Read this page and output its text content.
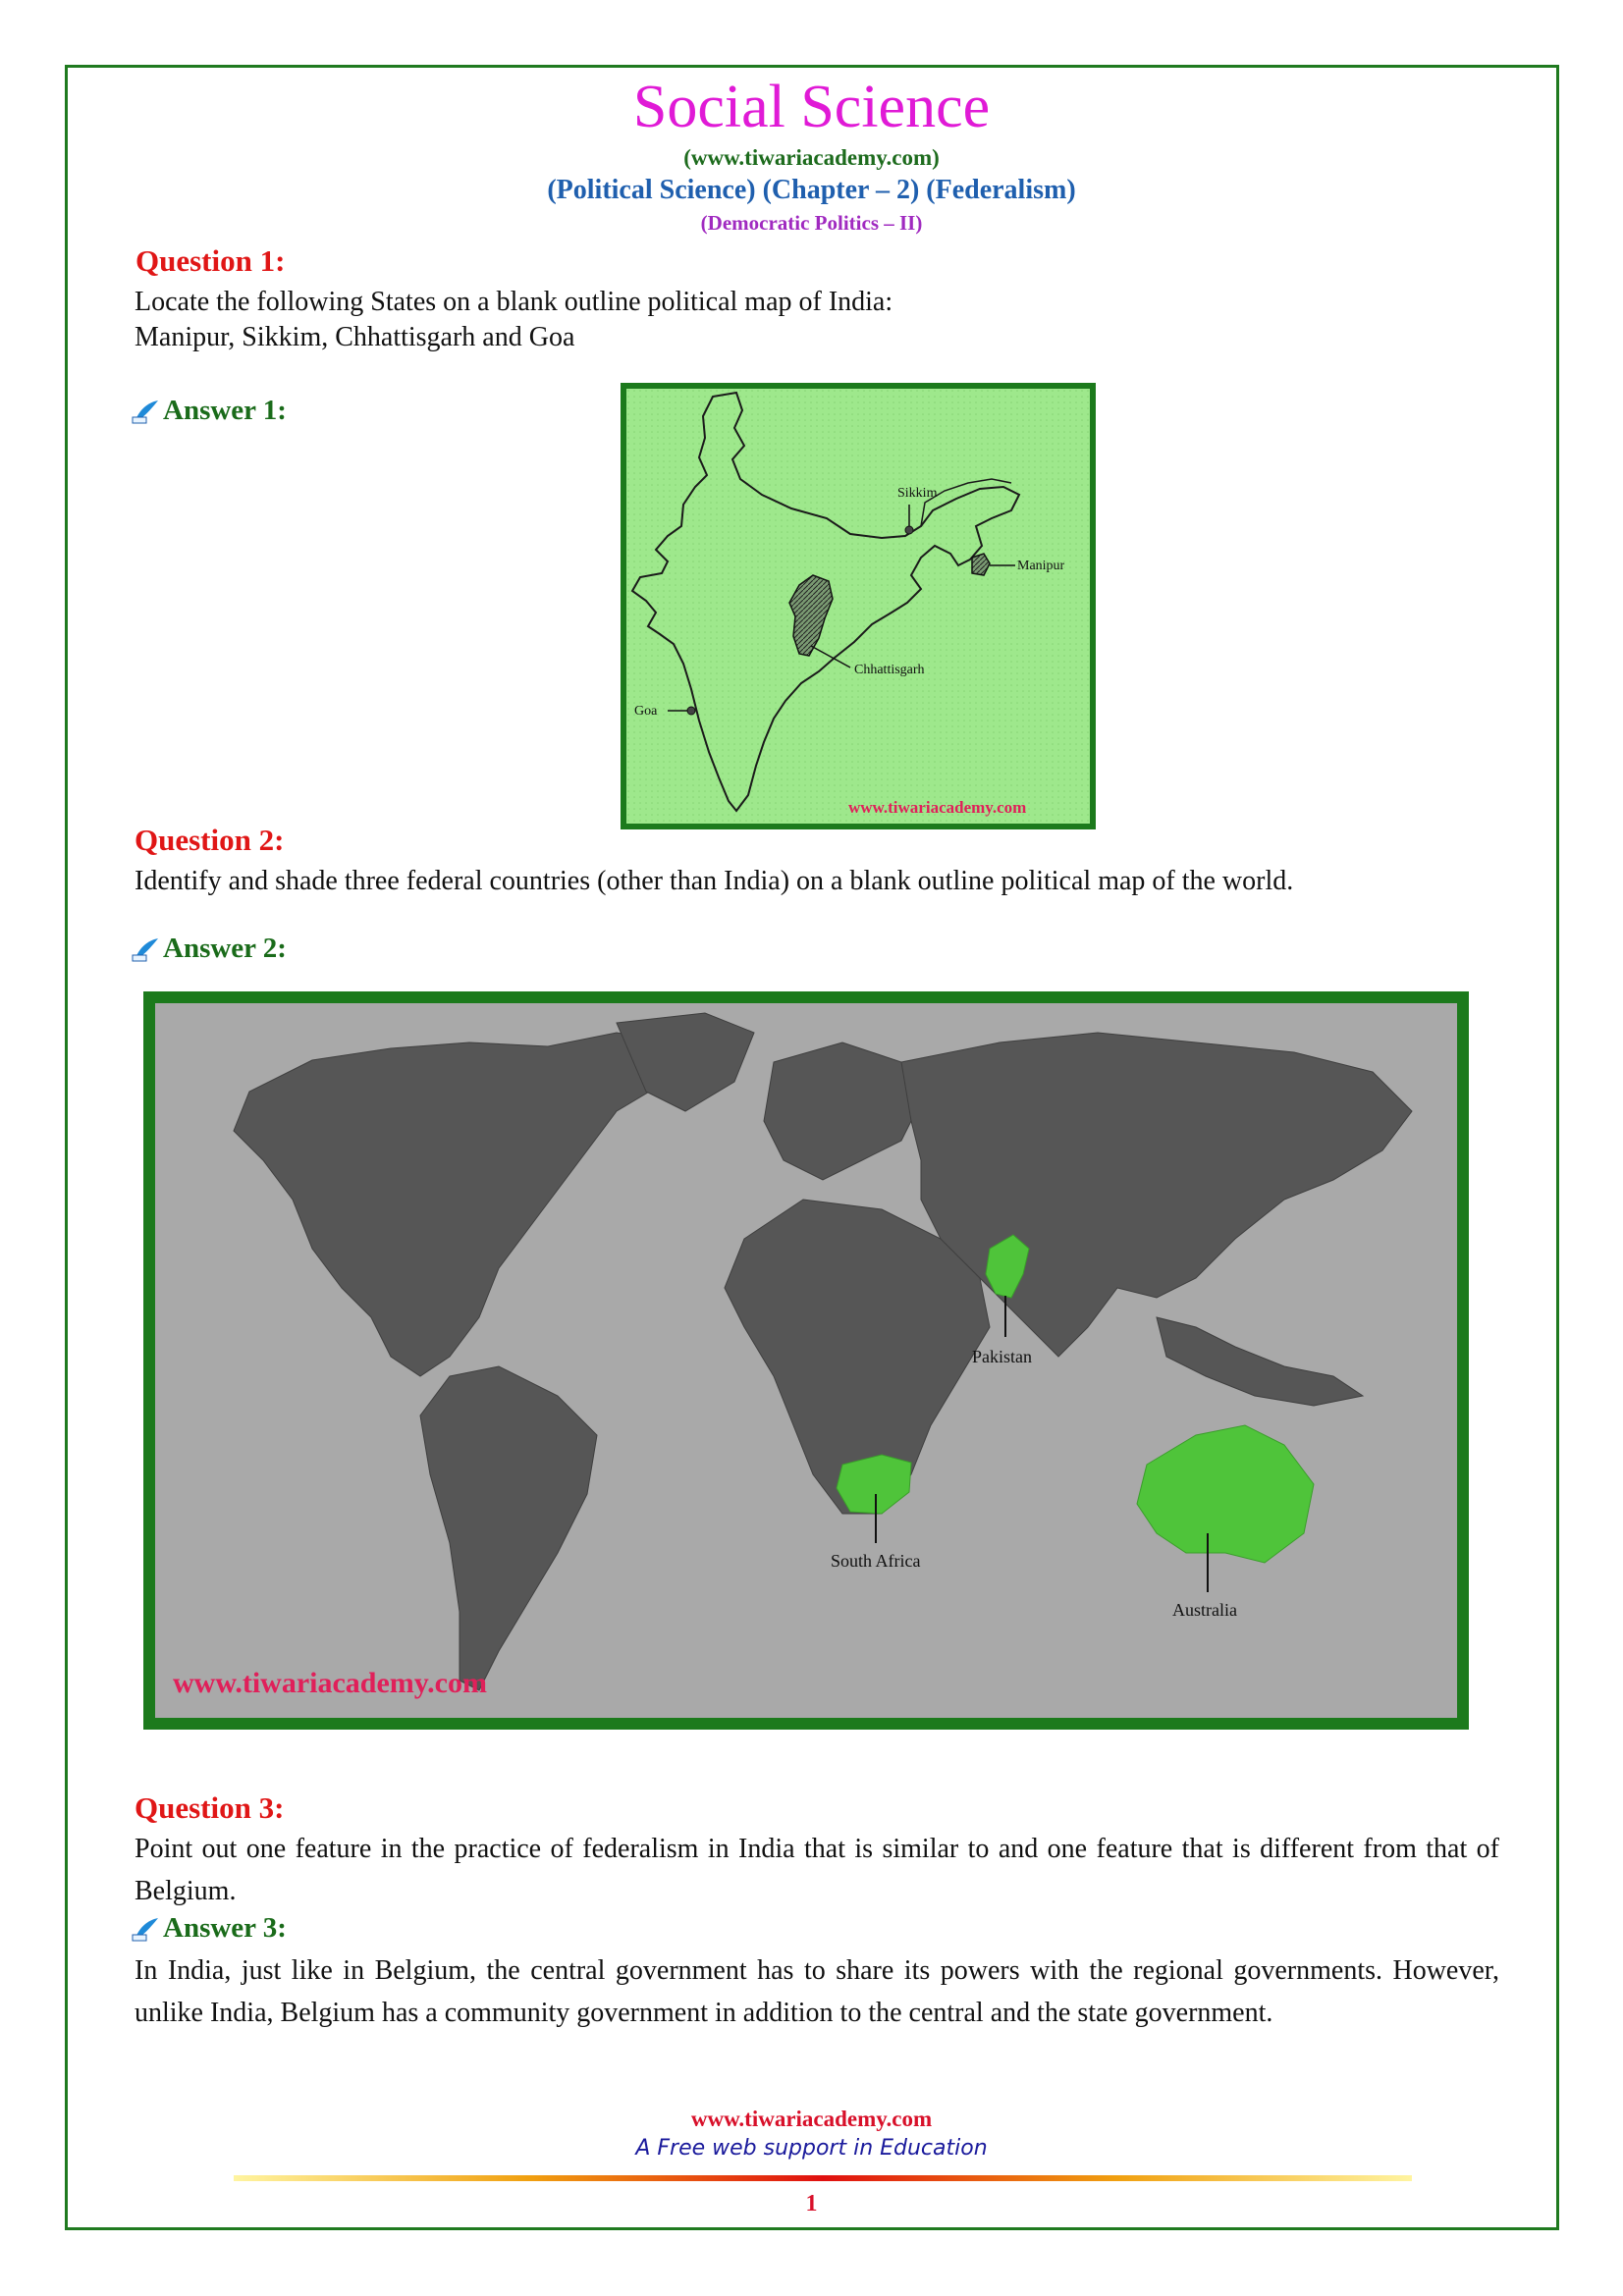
Social Science
(www.tiwariacademy.com)
(Political Science) (Chapter – 2) (Federalism)
(Democratic Politics – II)
Question 1:
Locate the following States on a blank outline political map of India:
Manipur, Sikkim, Chhattisgarh and Goa
Answer 1:
Sikkim
Manipur
Chhattisgarh
Goa
www.tiwariacademy.com
Question 2:
Identify and shade three federal countries (other than India) on a blank outline political map of the world.
Answer 2:
Pakistan
South Africa
Australia
www.tiwariacademy.com
Question 3:
Point out one feature in the practice of federalism in India that is similar to and one feature that is different from that of Belgium.
Answer 3:
In India, just like in Belgium, the central government has to share its powers with the regional governments. However, unlike India, Belgium has a community government in addition to the central and the state government.
www.tiwariacademy.com
A Free web support in Education
1
